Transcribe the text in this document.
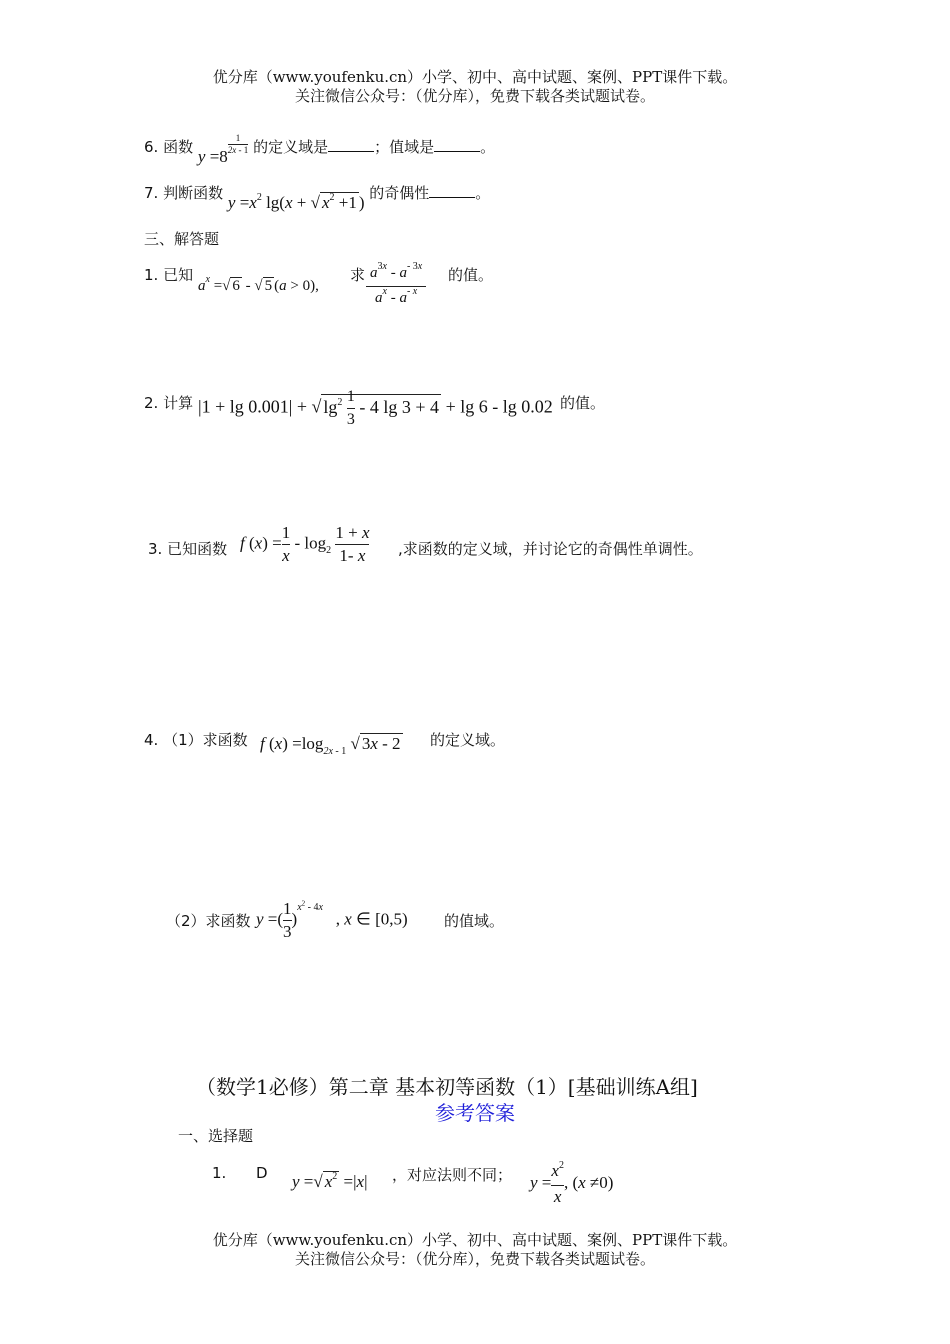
优分库（www.youfenku.cn）小学、初中、高中试题、案例、PPT课件下载。
关注微信公众号：（优分库），免费下载各类试题试卷。
6. 函数 y =8
$\frac{1}{2x - 1}$ 的定义域是	；值域是	。
7. 判断函数 $y =x^2$ lg(x + √ $x^2 +1$ ) 的奇偶性	。
三、解答题
1. 已知
$a^x$ =√ 6 - √ 5 (a > 0),
求 $\frac{a^{3x} - a^{- 3x}}{a^x - a^{- x}}$ 的值。
2. 计算 |1 + lg 0.001| + √ $\lg^2 \frac{1}{3} - 4$ lg 3 + 4 + lg 6 - lg 0.02 的值。
3. 已知函数 f $(x) = \frac{1}{x} - \log_2 \frac{1 + x}{1- x}$ ,求函数的定义域，并讨论它的奇偶性单调性。
4. （1）求函数 f $(x) =\log_{2x - 1}$ √ 3x - 2 的定义域。
（2）求函数 y =( $\frac{1}{3} )^{x^2 - 4x}$   , x ∈ [0,5) 的值域。
（数学1必修）第二章 基本初等函数（1）[基础训练A组]
参考答案
一、选择题
1. D y =√ $x^2 =|x|$ ，对应法则不同； $y = \frac{x^2}{x}$ , (x ≠0)
优分库（www.youfenku.cn）小学、初中、高中试题、案例、PPT课件下载。
关注微信公众号：（优分库），免费下载各类试题试卷。
